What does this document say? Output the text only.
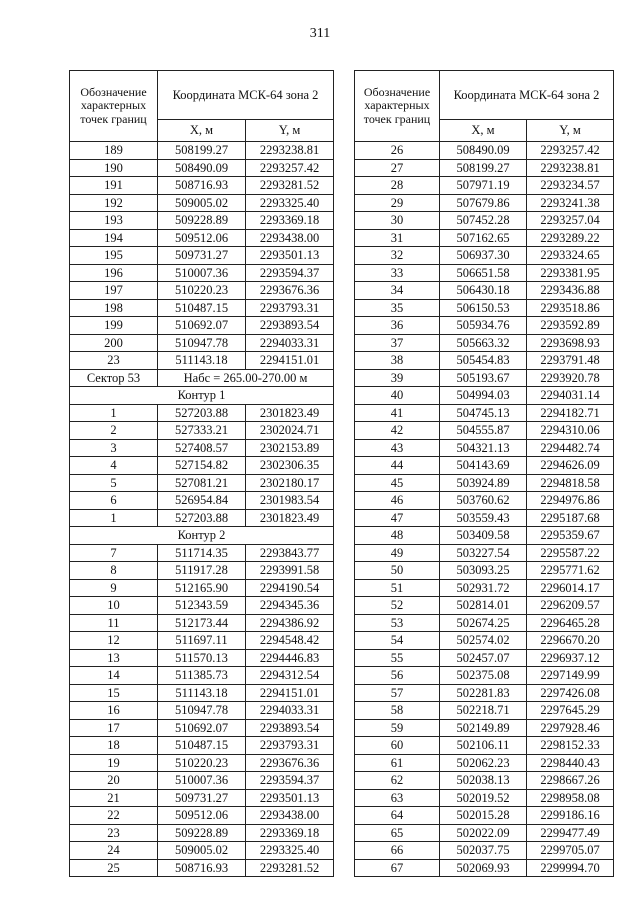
311
Обозначение характерных точек границ	Координата МСК-64 зона 2	
	X, м	Y, м
189	508199.27	2293238.81
190	508490.09	2293257.42
191	508716.93	2293281.52
192	509005.02	2293325.40
193	509228.89	2293369.18
194	509512.06	2293438.00
195	509731.27	2293501.13
196	510007.36	2293594.37
197	510220.23	2293676.36
198	510487.15	2293793.31
199	510692.07	2293893.54
200	510947.78	2294033.31
23	511143.18	2294151.01
Сектор 53	Набс = 265.00-270.00 м	
Контур 1		
1	527203.88	2301823.49
2	527333.21	2302024.71
3	527408.57	2302153.89
4	527154.82	2302306.35
5	527081.21	2302180.17
6	526954.84	2301983.54
1	527203.88	2301823.49
Контур 2		
7	511714.35	2293843.77
8	511917.28	2293991.58
9	512165.90	2294190.54
10	512343.59	2294345.36
11	512173.44	2294386.92
12	511697.11	2294548.42
13	511570.13	2294446.83
14	511385.73	2294312.54
15	511143.18	2294151.01
16	510947.78	2294033.31
17	510692.07	2293893.54
18	510487.15	2293793.31
19	510220.23	2293676.36
20	510007.36	2293594.37
21	509731.27	2293501.13
22	509512.06	2293438.00
23	509228.89	2293369.18
24	509005.02	2293325.40
25	508716.93	2293281.52
Обозначение характерных точек границ	Координата МСК-64 зона 2	
	X, м	Y, м
26	508490.09	2293257.42
27	508199.27	2293238.81
28	507971.19	2293234.57
29	507679.86	2293241.38
30	507452.28	2293257.04
31	507162.65	2293289.22
32	506937.30	2293324.65
33	506651.58	2293381.95
34	506430.18	2293436.88
35	506150.53	2293518.86
36	505934.76	2293592.89
37	505663.32	2293698.93
38	505454.83	2293791.48
39	505193.67	2293920.78
40	504994.03	2294031.14
41	504745.13	2294182.71
42	504555.87	2294310.06
43	504321.13	2294482.74
44	504143.69	2294626.09
45	503924.89	2294818.58
46	503760.62	2294976.86
47	503559.43	2295187.68
48	503409.58	2295359.67
49	503227.54	2295587.22
50	503093.25	2295771.62
51	502931.72	2296014.17
52	502814.01	2296209.57
53	502674.25	2296465.28
54	502574.02	2296670.20
55	502457.07	2296937.12
56	502375.08	2297149.99
57	502281.83	2297426.08
58	502218.71	2297645.29
59	502149.89	2297928.46
60	502106.11	2298152.33
61	502062.23	2298440.43
62	502038.13	2298667.26
63	502019.52	2298958.08
64	502015.28	2299186.16
65	502022.09	2299477.49
66	502037.75	2299705.07
67	502069.93	2299994.70
